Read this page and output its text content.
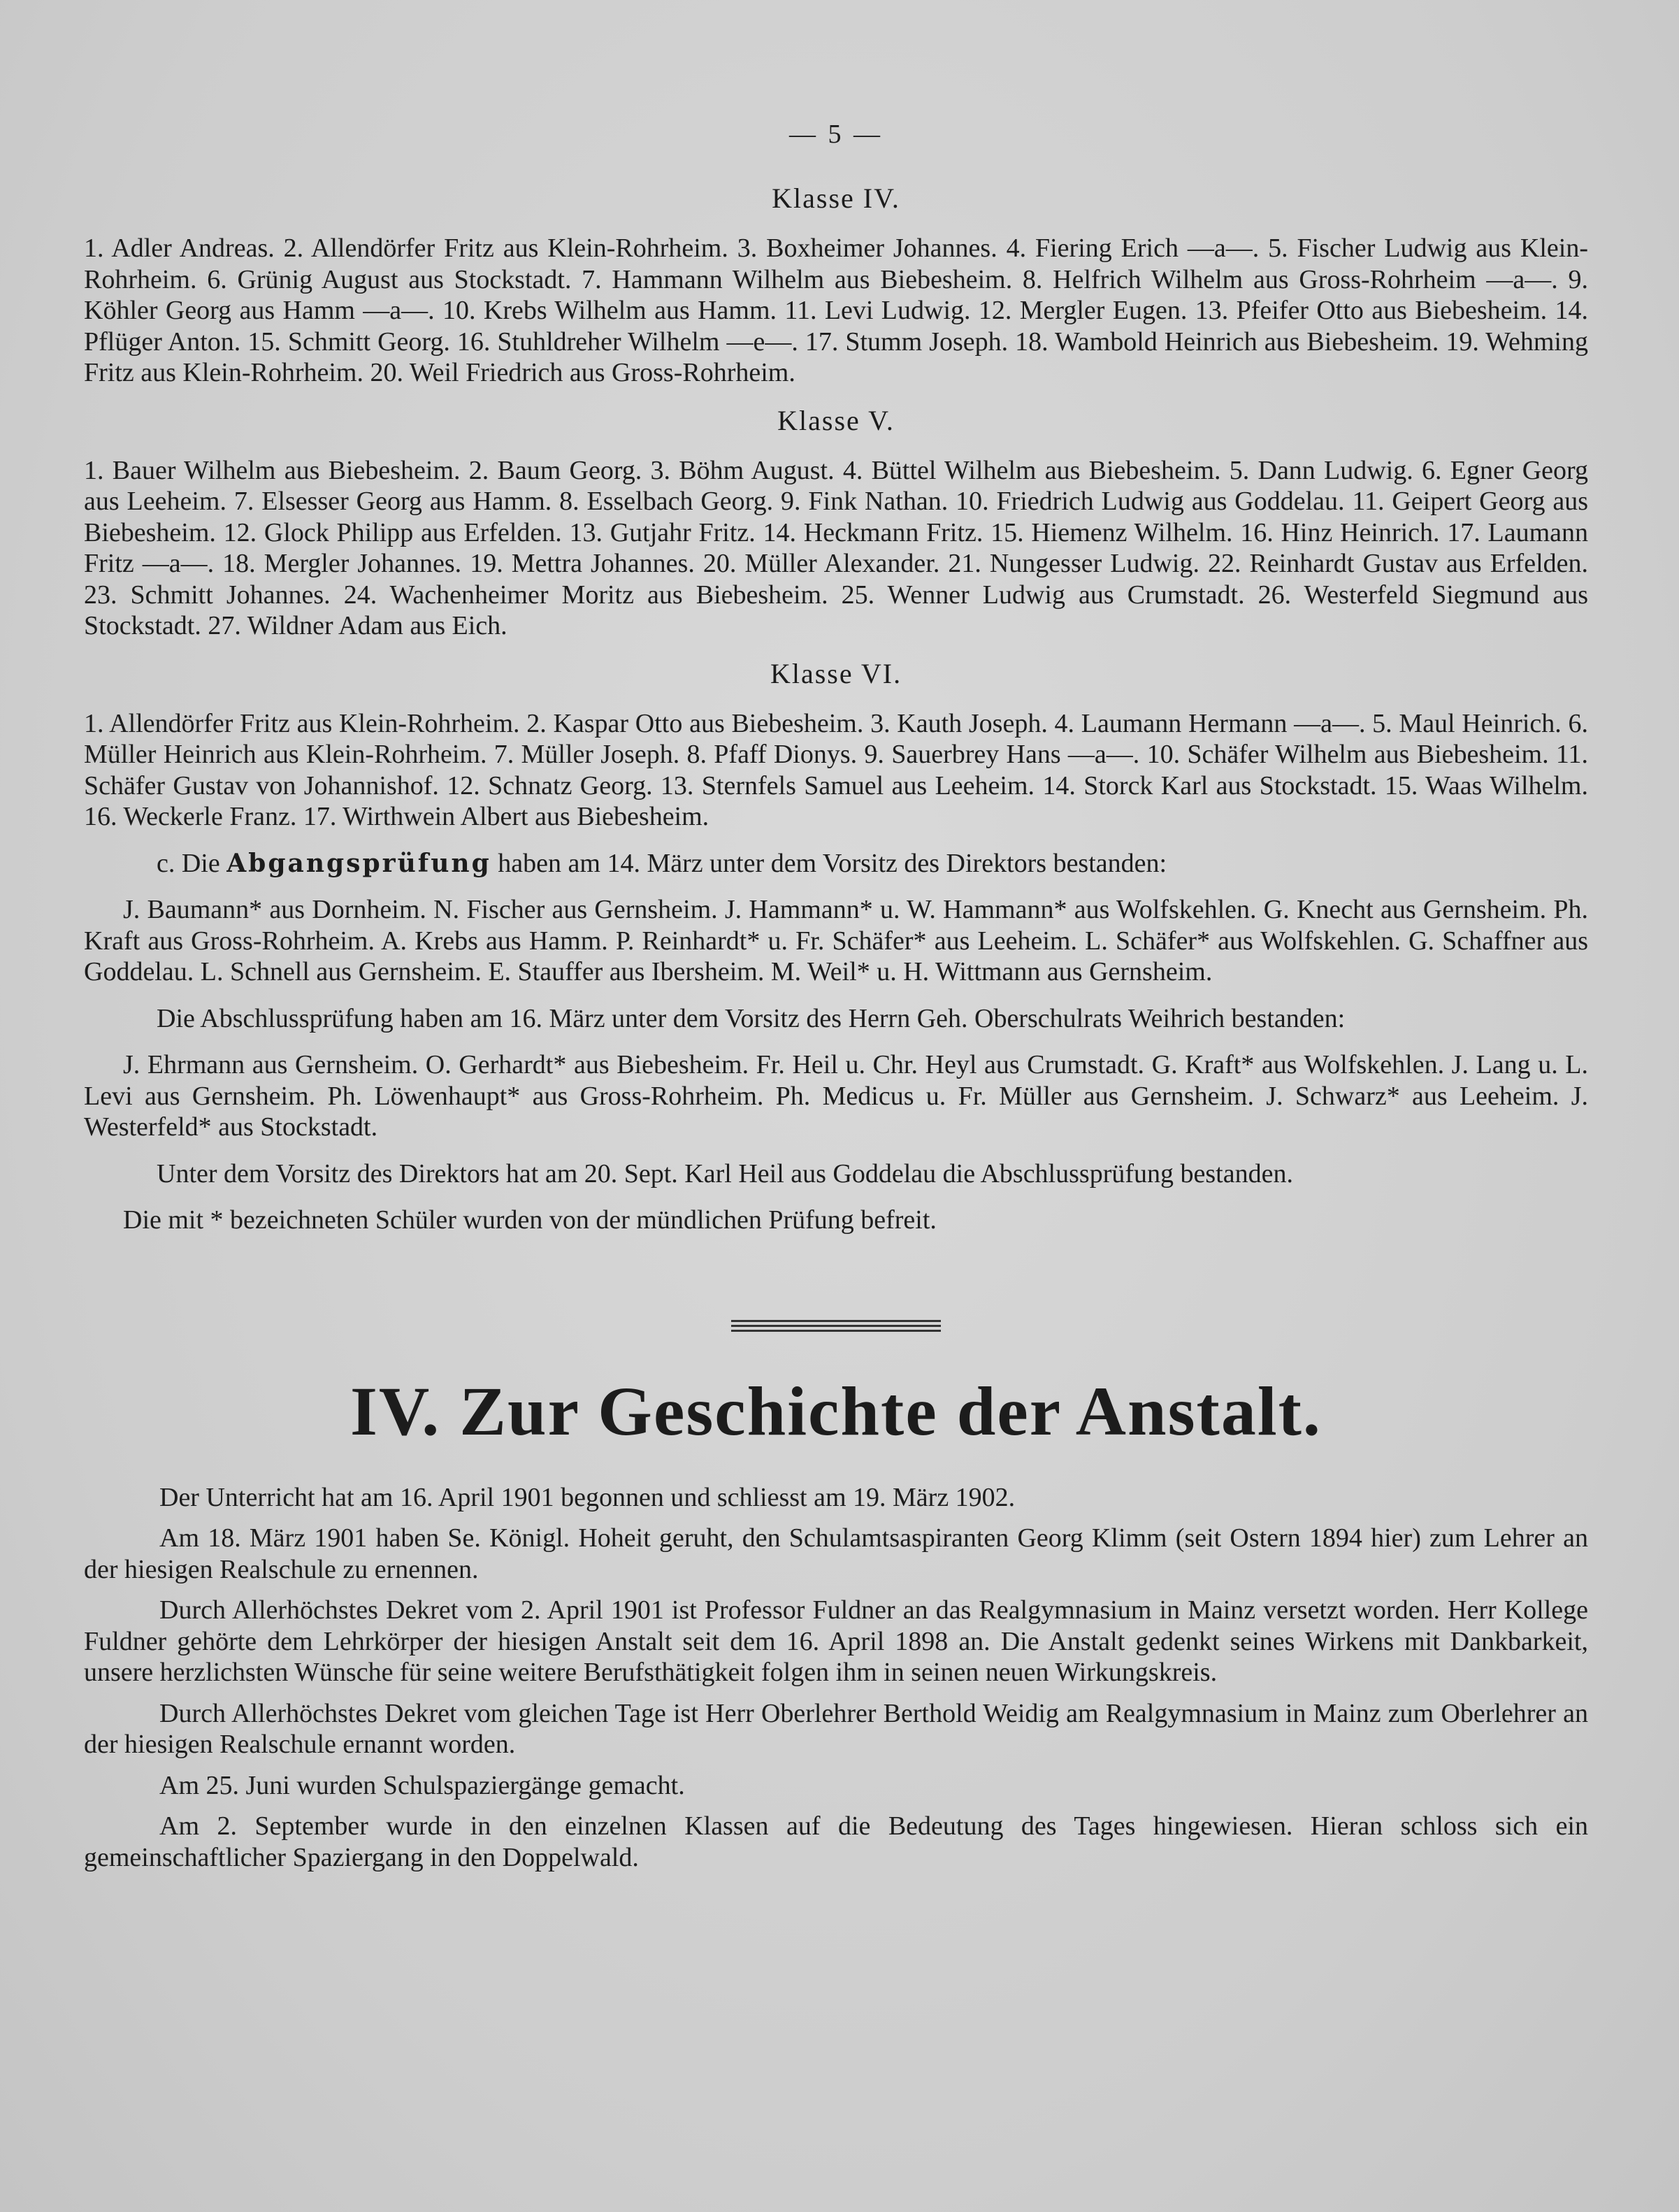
— 5 —
Klasse IV.

1. Adler Andreas. 2. Allendörfer Fritz aus Klein-Rohrheim. 3. Boxheimer Johannes. 4. Fiering Erich —a—. 5. Fischer Ludwig aus Klein-Rohrheim. 6. Grünig August aus Stockstadt. 7. Hammann Wilhelm aus Biebesheim. 8. Helfrich Wilhelm aus Gross-Rohrheim —a—. 9. Köhler Georg aus Hamm —a—. 10. Krebs Wilhelm aus Hamm. 11. Levi Ludwig. 12. Mergler Eugen. 13. Pfeifer Otto aus Biebesheim. 14. Pflüger Anton. 15. Schmitt Georg. 16. Stuhldreher Wilhelm —e—. 17. Stumm Joseph. 18. Wambold Heinrich aus Biebesheim. 19. Wehming Fritz aus Klein-Rohrheim. 20. Weil Friedrich aus Gross-Rohrheim.

Klasse V.

1. Bauer Wilhelm aus Biebesheim. 2. Baum Georg. 3. Böhm August. 4. Büttel Wilhelm aus Biebesheim. 5. Dann Ludwig. 6. Egner Georg aus Leeheim. 7. Elsesser Georg aus Hamm. 8. Esselbach Georg. 9. Fink Nathan. 10. Friedrich Ludwig aus Goddelau. 11. Geipert Georg aus Biebesheim. 12. Glock Philipp aus Erfelden. 13. Gutjahr Fritz. 14. Heckmann Fritz. 15. Hiemenz Wilhelm. 16. Hinz Heinrich. 17. Laumann Fritz —a—. 18. Mergler Johannes. 19. Mettra Johannes. 20. Müller Alexander. 21. Nungesser Ludwig. 22. Reinhardt Gustav aus Erfelden. 23. Schmitt Johannes. 24. Wachenheimer Moritz aus Biebesheim. 25. Wenner Ludwig aus Crumstadt. 26. Westerfeld Siegmund aus Stockstadt. 27. Wildner Adam aus Eich.

Klasse VI.

1. Allendörfer Fritz aus Klein-Rohrheim. 2. Kaspar Otto aus Biebesheim. 3. Kauth Joseph. 4. Laumann Hermann —a—. 5. Maul Heinrich. 6. Müller Heinrich aus Klein-Rohrheim. 7. Müller Joseph. 8. Pfaff Dionys. 9. Sauerbrey Hans —a—. 10. Schäfer Wilhelm aus Biebesheim. 11. Schäfer Gustav von Johannishof. 12. Schnatz Georg. 13. Sternfels Samuel aus Leeheim. 14. Storck Karl aus Stockstadt. 15. Waas Wilhelm. 16. Weckerle Franz. 17. Wirthwein Albert aus Biebesheim.

c. Die Abgangsprüfung haben am 14. März unter dem Vorsitz des Direktors bestanden:

J. Baumann* aus Dornheim. N. Fischer aus Gernsheim. J. Hammann* u. W. Hammann* aus Wolfskehlen. G. Knecht aus Gernsheim. Ph. Kraft aus Gross-Rohrheim. A. Krebs aus Hamm. P. Reinhardt* u. Fr. Schäfer* aus Leeheim. L. Schäfer* aus Wolfskehlen. G. Schaffner aus Goddelau. L. Schnell aus Gernsheim. E. Stauffer aus Ibersheim. M. Weil* u. H. Wittmann aus Gernsheim.

Die Abschlussprüfung haben am 16. März unter dem Vorsitz des Herrn Geh. Oberschulrats Weihrich bestanden:

J. Ehrmann aus Gernsheim. O. Gerhardt* aus Biebesheim. Fr. Heil u. Chr. Heyl aus Crumstadt. G. Kraft* aus Wolfskehlen. J. Lang u. L. Levi aus Gernsheim. Ph. Löwenhaupt* aus Gross-Rohrheim. Ph. Medicus u. Fr. Müller aus Gernsheim. J. Schwarz* aus Leeheim. J. Westerfeld* aus Stockstadt.

Unter dem Vorsitz des Direktors hat am 20. Sept. Karl Heil aus Goddelau die Abschlussprüfung bestanden.

Die mit * bezeichneten Schüler wurden von der mündlichen Prüfung befreit.

IV. Zur Geschichte der Anstalt.

Der Unterricht hat am 16. April 1901 begonnen und schliesst am 19. März 1902.

Am 18. März 1901 haben Se. Königl. Hoheit geruht, den Schulamtsaspiranten Georg Klimm (seit Ostern 1894 hier) zum Lehrer an der hiesigen Realschule zu ernennen.

Durch Allerhöchstes Dekret vom 2. April 1901 ist Professor Fuldner an das Realgymnasium in Mainz versetzt worden. Herr Kollege Fuldner gehörte dem Lehrkörper der hiesigen Anstalt seit dem 16. April 1898 an. Die Anstalt gedenkt seines Wirkens mit Dankbarkeit, unsere herzlichsten Wünsche für seine weitere Berufsthätigkeit folgen ihm in seinen neuen Wirkungskreis.

Durch Allerhöchstes Dekret vom gleichen Tage ist Herr Oberlehrer Berthold Weidig am Realgymnasium in Mainz zum Oberlehrer an der hiesigen Realschule ernannt worden.

Am 25. Juni wurden Schulspaziergänge gemacht.

Am 2. September wurde in den einzelnen Klassen auf die Bedeutung des Tages hingewiesen. Hieran schloss sich ein gemeinschaftlicher Spaziergang in den Doppelwald.
